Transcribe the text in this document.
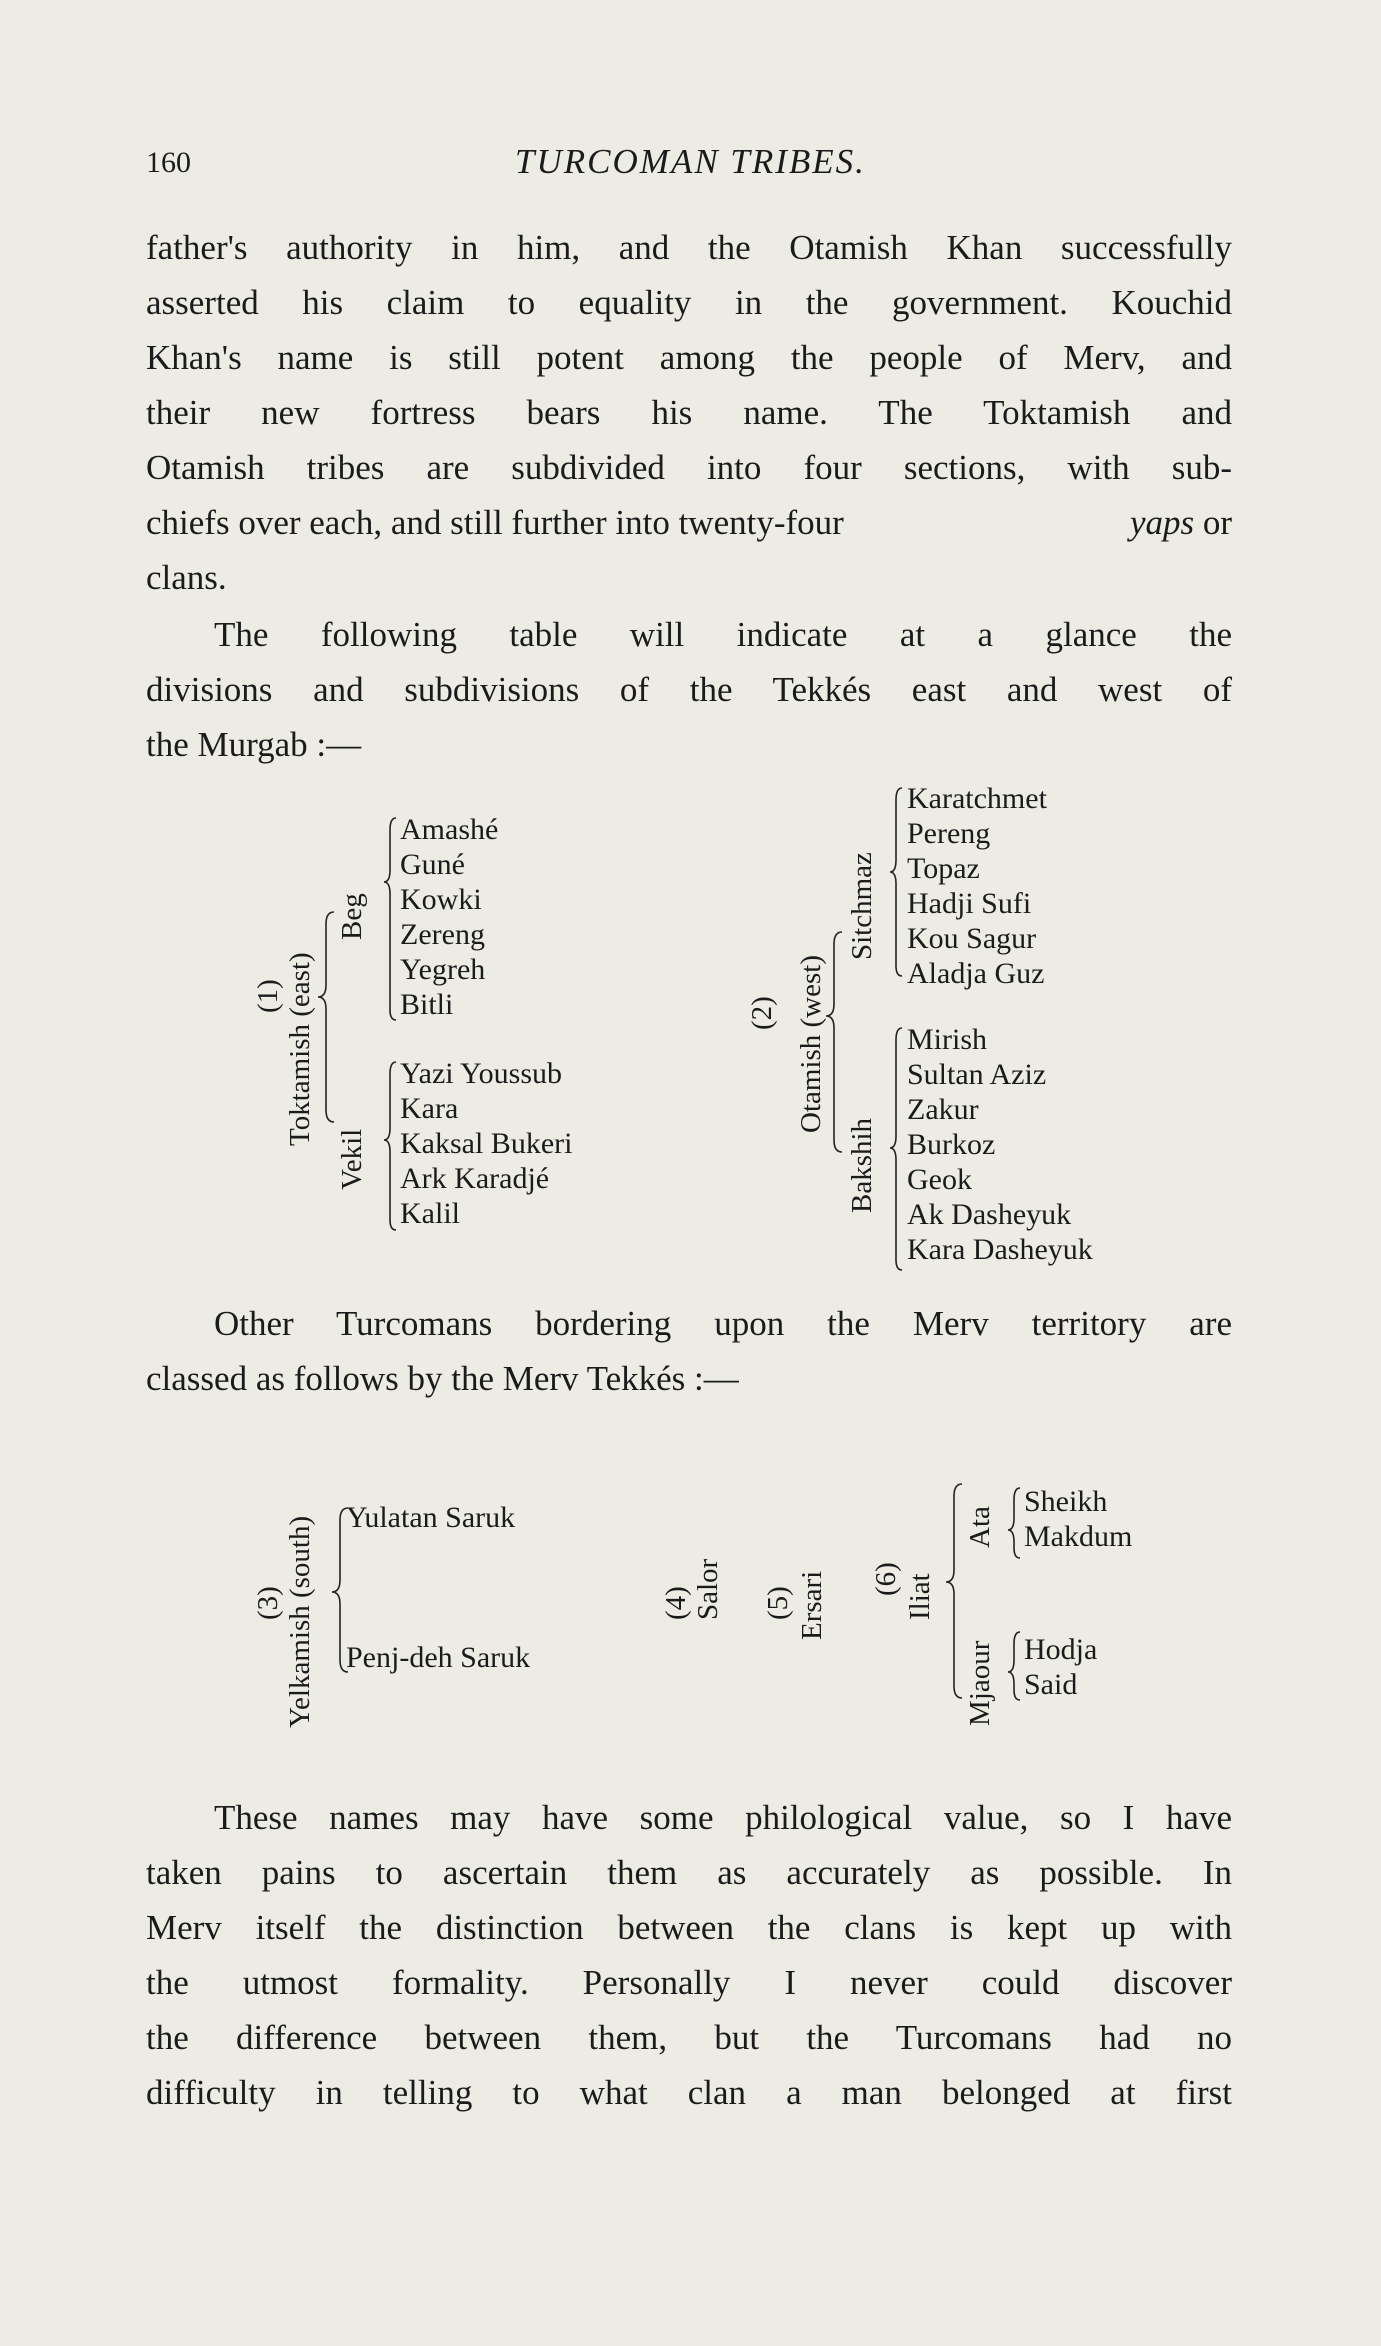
160	TURCOMAN TRIBES.
father's authority in him, and the Otamish Khan successfully
asserted his claim to equality in the government. Kouchid
Khan's name is still potent among the people of Merv, and
their new fortress bears his name. The Toktamish and
Otamish tribes are subdivided into four sections, with sub-
chiefs over each, and still further into twenty-four	yaps or
clans.
The following table will indicate at a glance the
divisions and subdivisions of the Tekkés east and west of
the Murgab :—
(1) Toktamish (east)
Beg
Vekil
Amashé
Guné
Kowki
Zereng
Yegreh
Bitli
Yazi Youssub
Kara
Kaksal Bukeri
Ark Karadjé
Kalil
(2) Otamish (west)
Sitchmaz
Bakshih
Karatchmet
Pereng
Topaz
Hadji Sufi
Kou Sagur
Aladja Guz
Mirish
Sultan Aziz
Zakur
Burkoz
Geok
Ak Dasheyuk
Kara Dasheyuk
Other Turcomans bordering upon the Merv territory are
classed as follows by the Merv Tekkés :—
(3) Yelkamish (south) Yulatan Saruk
Penj-deh Saruk
(4) Salor (5) Ersari (6) Iliat
Ata
Mjaour
Sheikh
Makdum
Hodja
Said
These names may have some philological value, so I have
taken pains to ascertain them as accurately as possible. In
Merv itself the distinction between the clans is kept up with
the utmost formality. Personally I never could discover
the difference between them, but the Turcomans had no
difficulty in telling to what clan a man belonged at first
